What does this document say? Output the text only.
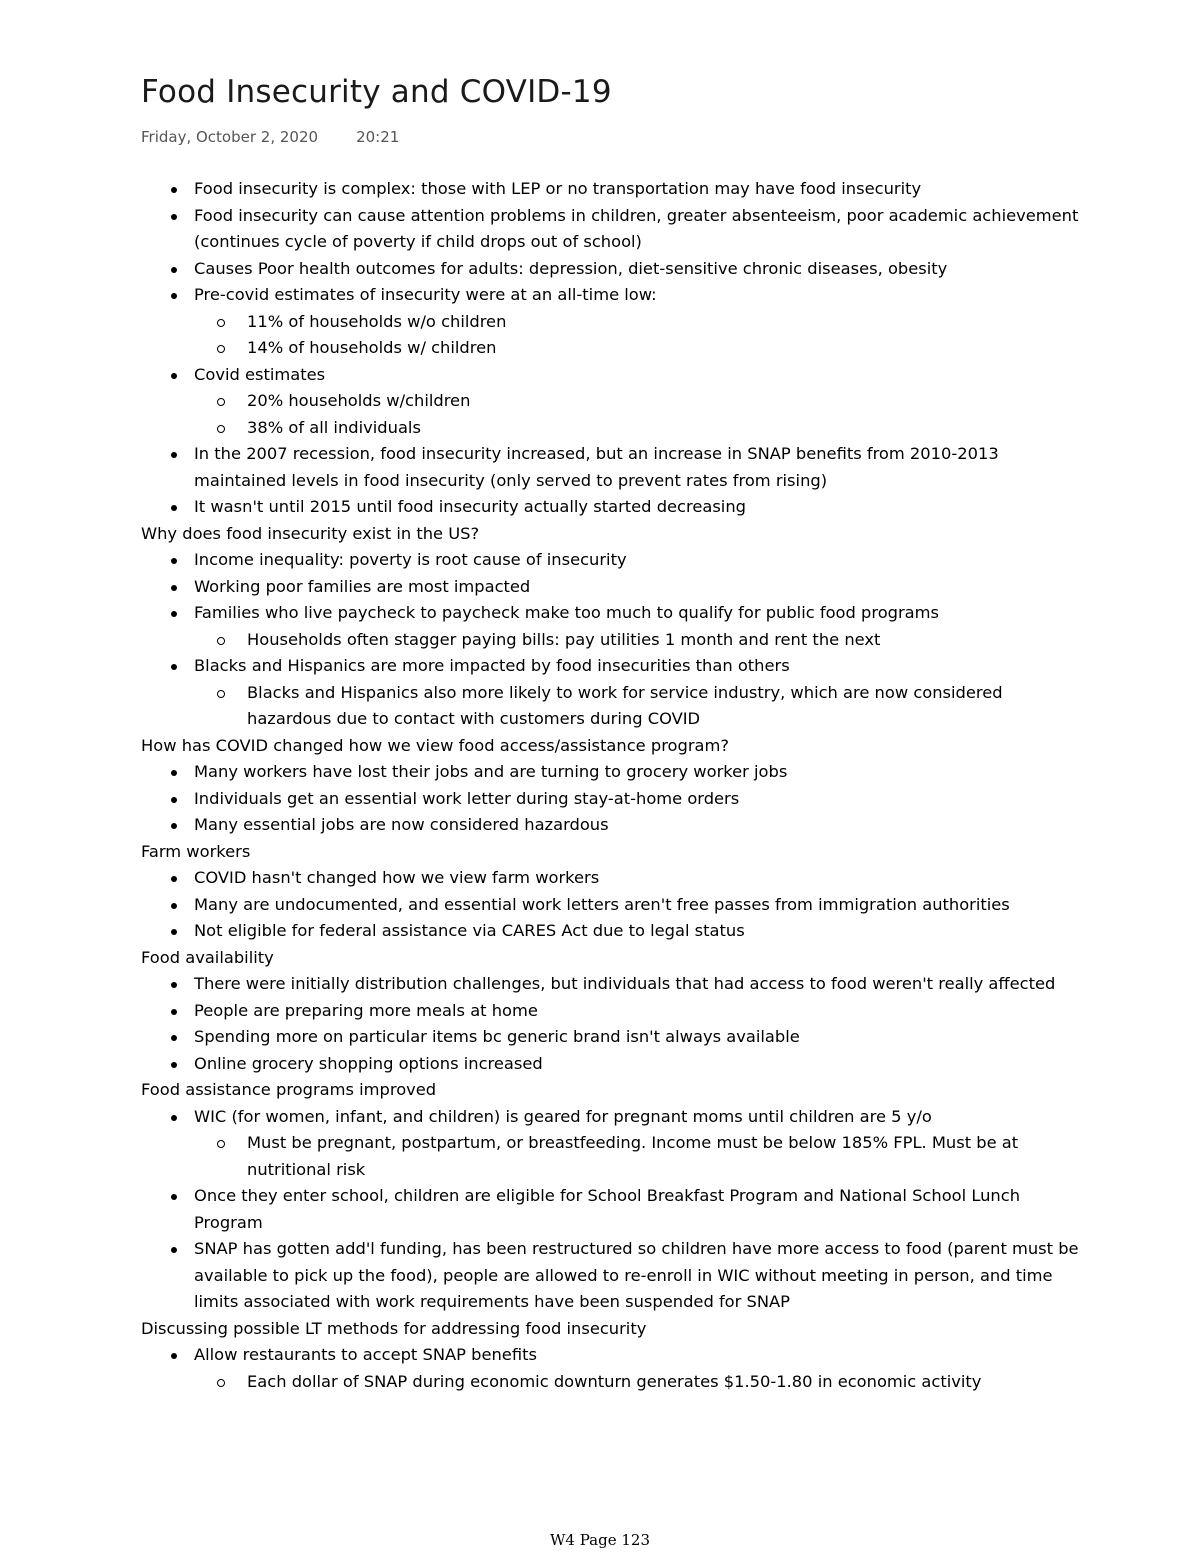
Food Insecurity and COVID-19
Friday, October 2, 2020	20:21
Food insecurity is complex: those with LEP or no transportation may have food insecurity
Food insecurity can cause attention problems in children, greater absenteeism, poor academic achievement (continues cycle of poverty if child drops out of school)
Causes Poor health outcomes for adults: depression, diet-sensitive chronic diseases, obesity
Pre-covid estimates of insecurity were at an all-time low:
11% of households w/o children
14% of households w/ children
Covid estimates
20% households w/children
38% of all individuals
In the 2007 recession, food insecurity increased, but an increase in SNAP benefits from 2010-2013 maintained levels in food insecurity (only served to prevent rates from rising)
It wasn't until 2015 until food insecurity actually started decreasing
Why does food insecurity exist in the US?
Income inequality: poverty is root cause of insecurity
Working poor families are most impacted
Families who live paycheck to paycheck make too much to qualify for public food programs
Households often stagger paying bills: pay utilities 1 month and rent the next
Blacks and Hispanics are more impacted by food insecurities than others
Blacks and Hispanics also more likely to work for service industry, which are now considered hazardous due to contact with customers during COVID
How has COVID changed how we view food access/assistance program?
Many workers have lost their jobs and are turning to grocery worker jobs
Individuals get an essential work letter during stay-at-home orders
Many essential jobs are now considered hazardous
Farm workers
COVID hasn't changed how we view farm workers
Many are undocumented, and essential work letters aren't free passes from immigration authorities
Not eligible for federal assistance via CARES Act due to legal status
Food availability
There were initially distribution challenges, but individuals that had access to food weren't really affected
People are preparing more meals at home
Spending more on particular items bc generic brand isn't always available
Online grocery shopping options increased
Food assistance programs improved
WIC (for women, infant, and children) is geared for pregnant moms until children are 5 y/o
Must be pregnant, postpartum, or breastfeeding. Income must be below 185% FPL. Must be at nutritional risk
Once they enter school, children are eligible for School Breakfast Program and National School Lunch Program
SNAP has gotten add'l funding, has been restructured so children have more access to food (parent must be available to pick up the food), people are allowed to re-enroll in WIC without meeting in person, and time limits associated with work requirements have been suspended for SNAP
Discussing possible LT methods for addressing food insecurity
Allow restaurants to accept SNAP benefits
Each dollar of SNAP during economic downturn generates $1.50-1.80 in economic activity
W4 Page 123
